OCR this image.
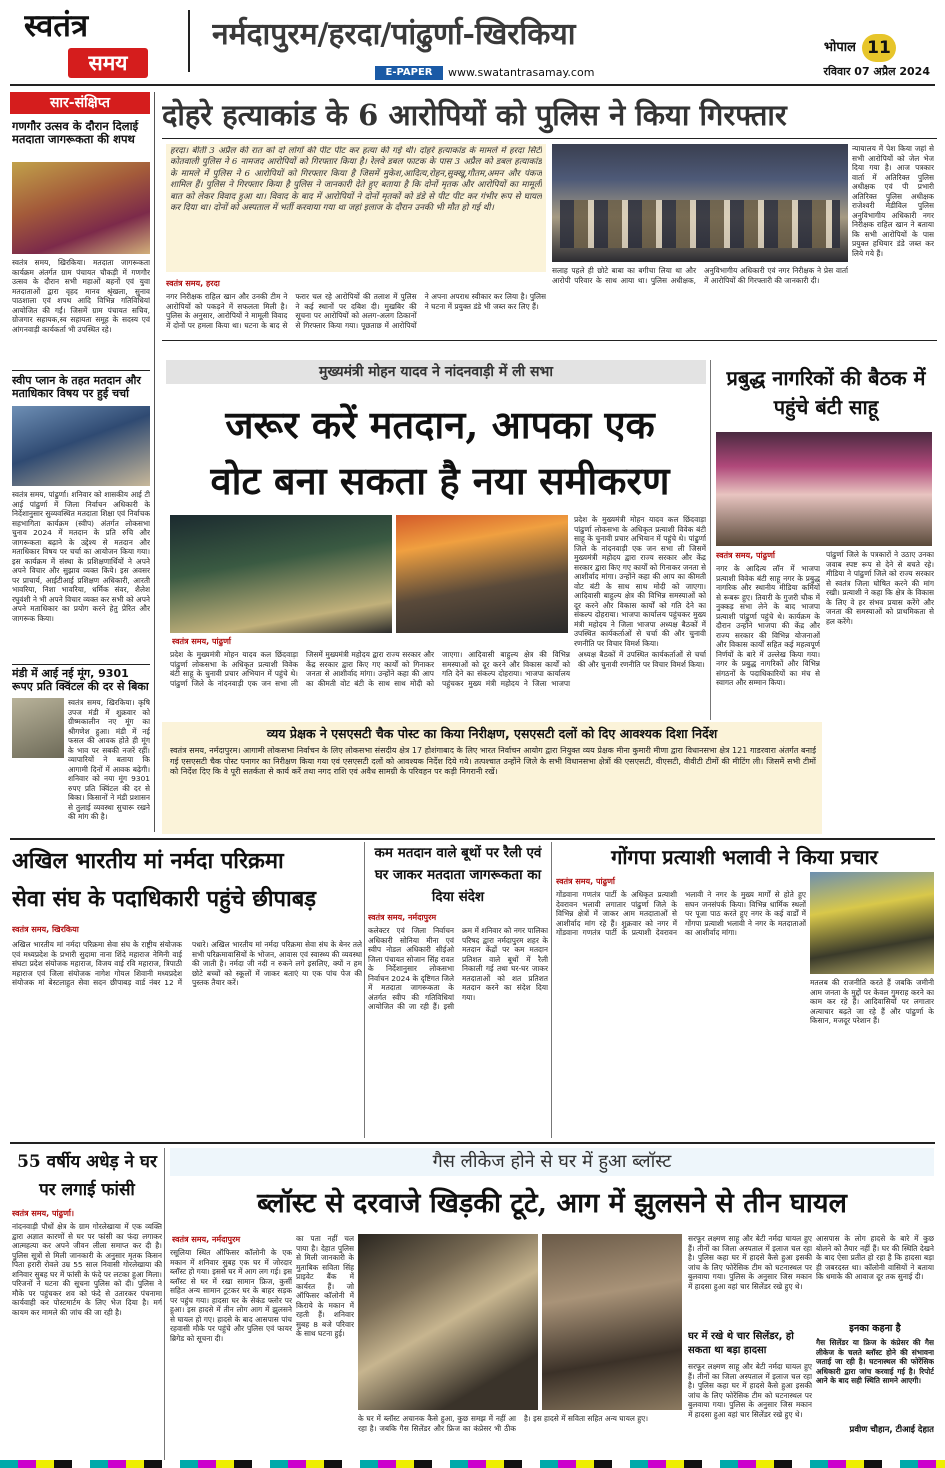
स्वतंत्र
समय
नर्मदापुरम/हरदा/पांढुर्णा-खिरकिया
E-PAPER	www.swatantrasamay.com
भोपाल 11
रविवार 07 अप्रैल 2024
सार-संक्षिप्त
गणगौर उत्सव के दौरान दिलाई मतदाता जागरूकता की शपथ
स्वतंत्र समय, खिरकिया। मतदाता जागरूकता कार्यक्रम अंतर्गत ग्राम पंचायत चौकड़ी में गणगौर उत्सव के दौरान सभी महाओं बहनों एवं युवा मतदाताओं द्वारा वृहद मानव श्रृंखला, सुनाव पाठशाला एवं शपथ आदि विभिन्न गतिविधियां आयोजित की गईं। जिसमें ग्राम पंचायत सचिव, ग्रोजगार सहायक,स्व सहायता समूह के सदस्य एवं आंगनवाड़ी कार्यकर्ता भी उपस्थित रहे।
स्वीप प्लान के तहत मतदान और मताधिकार विषय पर हुई चर्चा
स्वतंत्र समय, पांढुर्णा। शनिवार को शासकीय आई टी आई पांढुर्णा में जिला निर्वाचन अधिकारी के निर्देशानुसार सुव्यवस्थित मतदाता शिक्षा एवं निर्वाचक सहभागिता कार्यक्रम (स्वीप) अंतर्गत लोकसभा चुनाव 2024 में मतदान के प्रति रुचि और जागरूकता बढ़ाने के उद्देश्य से मतदान और मताधिकार विषय पर चर्चा का आयोजन किया गया। इस कार्यक्रम में संस्था के प्रशिक्षणार्थियों ने अपने अपने विचार और सुझाव व्यक्त किये। इस अवसर पर प्राचार्य, आईटीआई प्रशिक्षण अधिकारी, आरती भावरिया, निशा भावरिया, धर्मिक संवर, शैलेश रघुवंशी ने भी अपने विचार व्यक्त कर सभी को अपने अपने मताधिकार का प्रयोग करने हेतु प्रेरित और जागरूक किया।
मंडी में आई नई मूंग, 9301 रूपए प्रति क्विंटल की दर से बिका
स्वतंत्र समय, खिरकिया। कृषि उपज मंडी में शुक्रवार को ग्रीष्मकालीन नए मूंग का श्रीगणेश हुआ। मंडी में नई फसल की आवक होते ही मूंग के भाव पर सबकी नजरें रहीं। व्यापारियों ने बताया कि आगामी दिनों में आवक बढ़ेगी। शनिवार को नया मूंग 9301 रुपए प्रति क्विंटल की दर से बिका। किसानों ने मंडी प्रशासन से तुलाई व्यवस्था सुचारू रखने की मांग की है।
दोहरे हत्याकांड के 6 आरोपियों को पुलिस ने किया गिरफ्तार
हरदा। बीती 3 अप्रैल की रात को दो लोगों की पीट पीट कर हत्या की गई थी। दोहरे हत्याकांड के मामले में हरदा सिटी कोतवाली पुलिस ने 6 नामजद आरोपियों को गिरफ्तार किया है। रेलवे डबल फाटक के पास 3 अप्रैल को डबल हत्याकांड के मामले में पुलिस ने 6 आरोपियों को गिरफ्तार किया है जिसमें मुकेश,आदित्य,रोहन,सुक्खू,गौतम,अमन और पंकज शामिल हैं। पुलिस ने गिरफ्तार किया है पुलिस ने जानकारी देते हुए बताया है कि दोनों मृतक और आरोपियों का मामूली बात को लेकर विवाद हुआ था। विवाद के बाद में आरोपियों ने दोनों मृतकों को डंडे से पीट पीट कर गंभीर रूप से घायल कर दिया था। दोनों को अस्पताल में भर्ती करवाया गया था जहां इलाज के दौरान उनकी भी मौत हो गई थी।
स्वतंत्र समय, हरदा
नगर निरीक्षक राहिल खान और उनकी टीम ने आरोपियों को पकड़ने में सफलता मिली है। पुलिस के अनुसार, आरोपियों ने मामूली विवाद में दोनों पर हमला किया था। घटना के बाद से फरार चल रहे आरोपियों की तलाश में पुलिस ने कई स्थानों पर दबिश दी। मुखबिर की सूचना पर आरोपियों को अलग-अलग ठिकानों से गिरफ्तार किया गया। पूछताछ में आरोपियों ने अपना अपराध स्वीकार कर लिया है। पुलिस ने घटना में प्रयुक्त डंडे भी जब्त कर लिए हैं।
सलाह पहले ही छोटे बाबा का बगीचा लिया था और आरोपी परिवार के साथ आया था। पुलिस अधीक्षक, अनुविभागीय अधिकारी एवं नगर निरीक्षक ने प्रेस वार्ता में आरोपियों की गिरफ्तारी की जानकारी दी।
न्यायालय में पेश किया जहां से सभी आरोपियों को जेल भेज दिया गया है। आज पत्रकार वार्ता में अतिरिक्त पुलिस अधीक्षक एवं पी प्रभारी अतिरिक्त पुलिस अधीक्षक राजेश्वरी मेडीविल पुलिस अनुविभागीय अधिकारी नगर निरीक्षक राहिल खान ने बताया कि सभी आरोपियों के पास प्रयुक्त हथियार डंडे जब्त कर लिये गये हैं।
मुख्यमंत्री मोहन यादव ने नांदनवाड़ी में ली सभा
जरूर करें मतदान, आपका एक
वोट बना सकता है नया समीकरण
स्वतंत्र समय, पांढुर्णा
प्रदेश के मुख्यमंत्री मोहन यादव कल छिंदवाड़ा पांढुर्णा लोकसभा के अधिकृत प्रत्याशी विवेक बंटी साहू के चुनावी प्रचार अभियान में पहुंचे थे। पांढुर्णा जिले के नांदनवाड़ी एक जन सभा ली जिसमें मुख्यमंत्री महोदय द्वारा राज्य सरकार और केंद्र सरकार द्वारा किए गए कार्यों को गिनाकर जनता से आशीर्वाद मांगा। उन्होंने कहा की आप का कीमती वोट बंटी के साथ साथ मोदी को जाएगा। आदिवासी बाहुल्य क्षेत्र की विभिन्न समस्याओं को दूर करने और विकास कार्यों को गति देने का संकल्प दोहराया। भाजपा कार्यालय पहुंचकर मुख्य मंत्री महोदय ने जिला भाजपा अध्यक्ष बैठकों में उपस्थित कार्यकर्ताओं से चर्चा की और चुनावी रणनीति पर विचार विमर्श किया।
प्रदेश के मुख्यमंत्री मोहन यादव कल छिंदवाड़ा पांढुर्णा लोकसभा के अधिकृत प्रत्याशी विवेक बंटी साहू के चुनावी प्रचार अभियान में पहुंचे थे। पांढुर्णा जिले के नांदनवाड़ी एक जन सभा ली जिसमें मुख्यमंत्री महोदय द्वारा राज्य सरकार और केंद्र सरकार द्वारा किए गए कार्यों को गिनाकर जनता से आशीर्वाद मांगा। उन्होंने कहा की आप का कीमती वोट बंटी के साथ साथ मोदी को जाएगा। आदिवासी बाहुल्य क्षेत्र की विभिन्न समस्याओं को दूर करने और विकास कार्यों को गति देने का संकल्प दोहराया। भाजपा कार्यालय पहुंचकर मुख्य मंत्री महोदय ने जिला भाजपा अध्यक्ष बैठकों में उपस्थित कार्यकर्ताओं से चर्चा की और चुनावी रणनीति पर विचार विमर्श किया।
प्रबुद्ध नागरिकों की बैठक में पहुंचे बंटी साहू
स्वतंत्र समय, पांढुर्णा
नगर के आदित्य लॉन में भाजपा प्रत्याशी विवेक बंटी साहू नगर के प्रबुद्ध नागरिक और स्थानीय मीडिया कर्मियों से रूबरू हुए। तिवारी के गुजरी चौक में नुक्कड़ सभा लेने के बाद भाजपा प्रत्याशी पांढुर्णा पहुंचे थे। कार्यक्रम के दौरान उन्होंने भाजपा की केंद्र और राज्य सरकार की विभिन्न योजनाओं और विकास कार्यों सहित कई महत्वपूर्ण निर्णयों के बारे में उल्लेख किया गया। नगर के प्रबुद्ध नागरिकों और विभिन्न संगठनों के पदाधिकारियों का मंच से स्वागत और सम्मान किया।
पांढुर्णा जिले के पत्रकारों ने उठाए उनका जवाब स्पष्ट रूप से देने से बचते रहे। मीडिया ने पांढुर्णा जिले को राज्य सरकार से स्वतंत्र जिला घोषित करने की मांग रखी। प्रत्याशी ने कहा कि क्षेत्र के विकास के लिए वे हर संभव प्रयास करेंगे और जनता की समस्याओं को प्राथमिकता से हल करेंगे।
व्यय प्रेक्षक ने एसएसटी चैक पोस्ट का किया निरीक्षण, एसएसटी दलों को दिए आवश्यक दिशा निर्देश
स्वतंत्र समय, नर्मदापुरम। आगामी लोकसभा निर्वाचन के लिए लोकसभा संसदीय क्षेत्र 17 होशंगाबाद के लिए भारत निर्वाचन आयोग द्वारा नियुक्त व्यय प्रेक्षक मीना कुमारी मीणा द्वारा विधानसभा क्षेत्र 121 गाडरवारा अंतर्गत बनाई गई एसएसटी चैक पोस्ट पनागर का निरीक्षण किया गया एवं एसएसटी दलों को आवश्यक निर्देश दिये गये। तत्पश्चात उन्होंने जिले के सभी विधानसभा क्षेत्रों की एसएसटी, वीएसटी, वीवीटी टीमों की मीटिंग ली। जिसमें सभी टीमों को निर्देश दिए कि वे पूरी सतर्कता से कार्य करें तथा नगद राशि एवं अवैध सामग्री के परिवहन पर कड़ी निगरानी रखें।
अखिल भारतीय मां नर्मदा परिक्रमा
सेवा संघ के पदाधिकारी पहुंचे छीपाबड़
स्वतंत्र समय, खिरकिया
अखिल भारतीय मां नर्मदा परिक्रमा सेवा संघ के राष्ट्रीय संयोजक एवं मध्यप्रदेश के प्रभारी सुदामा नाना शिंदे महाराज नेमिनी वाई संघटा प्रदेश संयोजक महाराज, विजय वाई रवि महाराज, त्रिपाठी महाराज एवं जिला संयोजक नागेश गोयल शिवानी मध्यप्रदेश संयोजक मां बेस्टलाहुत सेवा सदन छीपाबड़ वार्ड नंबर 12 में पधारे। अखिल भारतीय मां नर्मदा परिक्रमा सेवा संघ के बेनर तले सभी परिक्रमावासियों के भोजन, आवास एवं स्वास्थ्य की व्यवस्था की जाती है। नर्मदा जी नदी न रुकने लगे इसलिए, क्यों न हम छोटे बच्चों को स्कूलों में जाकर बताएं या एक पांच पेज की पुस्तक तैयार करें।
कम मतदान वाले बूथों पर रैली एवं घर जाकर मतदाता जागरूकता का दिया संदेश
स्वतंत्र समय, नर्मदापुरम
कलेक्टर एवं जिला निर्वाचन अधिकारी सोनिया मीना एवं स्वीप नोडल अधिकारी सीईओ जिला पंचायत सोजान सिंह रावत के निर्देशानुसार लोकसभा निर्वाचन 2024 के दृष्टिगत जिले में मतदाता जागरूकता के अंतर्गत स्वीप की गतिविधियां आयोजित की जा रही हैं। इसी क्रम में शनिवार को नगर पालिका परिषद द्वारा नर्मदापुरम शहर के मतदान केंद्रों पर कम मतदान प्रतिशत वाले बूथों में रैली निकाली गई तथा घर-घर जाकर मतदाताओं को शत प्रतिशत मतदान करने का संदेश दिया गया।
गोंगपा प्रत्याशी भलावी ने किया प्रचार
स्वतंत्र समय, पांढुर्णा
गोंडवाना गणतंत्र पार्टी के अधिकृत प्रत्याशी देवरावन भलावी लगातार पांढुर्णा जिले के विभिन्न क्षेत्रों में जाकर आम मतदाताओं से आशीर्वाद मांग रहे हैं। शुक्रवार को नगर में गोंडवाना गणतंत्र पार्टी के प्रत्याशी देवरावन भलावी ने नगर के मुख्य मार्गों से होते हुए सघन जनसंपर्क किया। विभिन्न धार्मिक स्थलों पर पूजा पाठ करते हुए नगर के कई वार्डों में गोंगपा प्रत्याशी भलावी ने नगर के मतदाताओं का आशीर्वाद मांगा।
मतलब की राजनीति करते हैं जबकि जमीनी आम जनता के मुद्दों पर केवल गुमराह करने का काम कर रहे हैं। आदिवासियों पर लगातार अत्याचार बढ़ते जा रहे हैं और पांढुर्णा के किसान, मजदूर परेशान हैं।
55 वर्षीय अधेड़ ने घर पर लगाई फांसी
स्वतंत्र समय, पांढुर्णा।
नांदनवाड़ी पौधों क्षेत्र के ग्राम गोरलेखाया में एक व्यक्ति द्वारा अज्ञात कारणों से घर पर फांसी का फंदा लगाकर आत्महत्या कर अपने जीवन लीला समाप्त कर दी है। पुलिस सूत्रों से मिली जानकारी के अनुसार मृतक किसन पिता हरारी रोवले उम्र 55 साल निवासी गोरलेखाया की शनिवार सुबह घर में फांसी के फंदे पर लटका हुआ मिला। परिजनों ने घटना की सूचना पुलिस को दी। पुलिस ने मौके पर पहुंचकर शव को फंदे से उतारकर पंचनामा कार्यवाही कर पोस्टमार्टम के लिए भेज दिया है। मर्ग कायम कर मामले की जांच की जा रही है।
गैस लीकेज होने से घर में हुआ ब्लॉस्ट
ब्लॉस्ट से दरवाजे खिड़की टूटे, आग में झुलसने से तीन घायल
स्वतंत्र समय, नर्मदापुरम
रसूलिया स्थित ऑफिसर कॉलोनी के एक मकान में शनिवार सुबह एक घर में जोरदार ब्लॉस्ट हो गया। इससे घर में आग लग गई। इस ब्लॉस्ट से घर में रखा सामान फ्रिज, कुर्सी सहित अन्य सामान टूटकर घर के बाहर सड़क पर पहुंच गया। हादसा घर के सेकंड फ्लोर पर हुआ। इस हादसे में तीन लोग आग में झुलसने से घायल हो गए। हादसे के बाद आसपास पांच रहवासी मौके पर पहुंचे और पुलिस एवं फायर ब्रिगेड को सूचना दी।
का पता नहीं चल पाया है। देहात पुलिस से मिली जानकारी के मुताबिक सविता सिंह प्राइवेट बैंक में कार्यरत हैं। जो ऑफिसर कॉलोनी में किराये के मकान में रहती हैं। शनिवार सुबह 8 बजे परिवार के साथ घटना हुई।
के घर में ब्लॉस्ट अचानक कैसे हुआ, कुछ समझ में नहीं आ रहा है। जबकि गैस सिलेंडर और फ्रिज का कंप्रेसर भी ठीक है। इस हादसे में सविता सहित अन्य घायल हुए।
सरफूर लक्ष्मण साहू और बेटी नर्मदा घायल हुए हैं। तीनों का जिला अस्पताल में इलाज चल रहा है। पुलिस कहा घर में हादसे कैसे हुआ इसकी जांच के लिए फोरेंसिक टीम को घटनास्थल पर बुलवाया गया। पुलिस के अनुसार जिस मकान में हादसा हुआ वहां चार सिलेंडर रखे हुए थे।
घर में रखे थे चार सिलेंडर, हो सकता था बड़ा हादसा
सरफूर लक्ष्मण साहू और बेटी नर्मदा घायल हुए हैं। तीनों का जिला अस्पताल में इलाज चल रहा है। पुलिस कहा घर में हादसे कैसे हुआ इसकी जांच के लिए फोरेंसिक टीम को घटनास्थल पर बुलवाया गया। पुलिस के अनुसार जिस मकान में हादसा हुआ वहां चार सिलेंडर रखे हुए थे।
आसपास के लोग हादसे के बारे में कुछ बोलने को तैयार नहीं हैं। घर की स्थिति देखने के बाद ऐसा प्रतीत हो रहा है कि हादसा बड़ा ही जबरदस्त था। कॉलोनी वासियों ने बताया कि धमाके की आवाज दूर तक सुनाई दी।
इनका कहना है
गैस सिलेंडर या फ्रिज के कंप्रेसर की गैस लीकेज के चलते ब्लॉस्ट होने की संभावना जताई जा रही है। घटनास्थल की फोरेंसिक अधिकारी द्वारा जांच करवाई गई है। रिपोर्ट आने के बाद सही स्थिति सामने आएगी।
प्रवीण चौहान, टीआई देहात
